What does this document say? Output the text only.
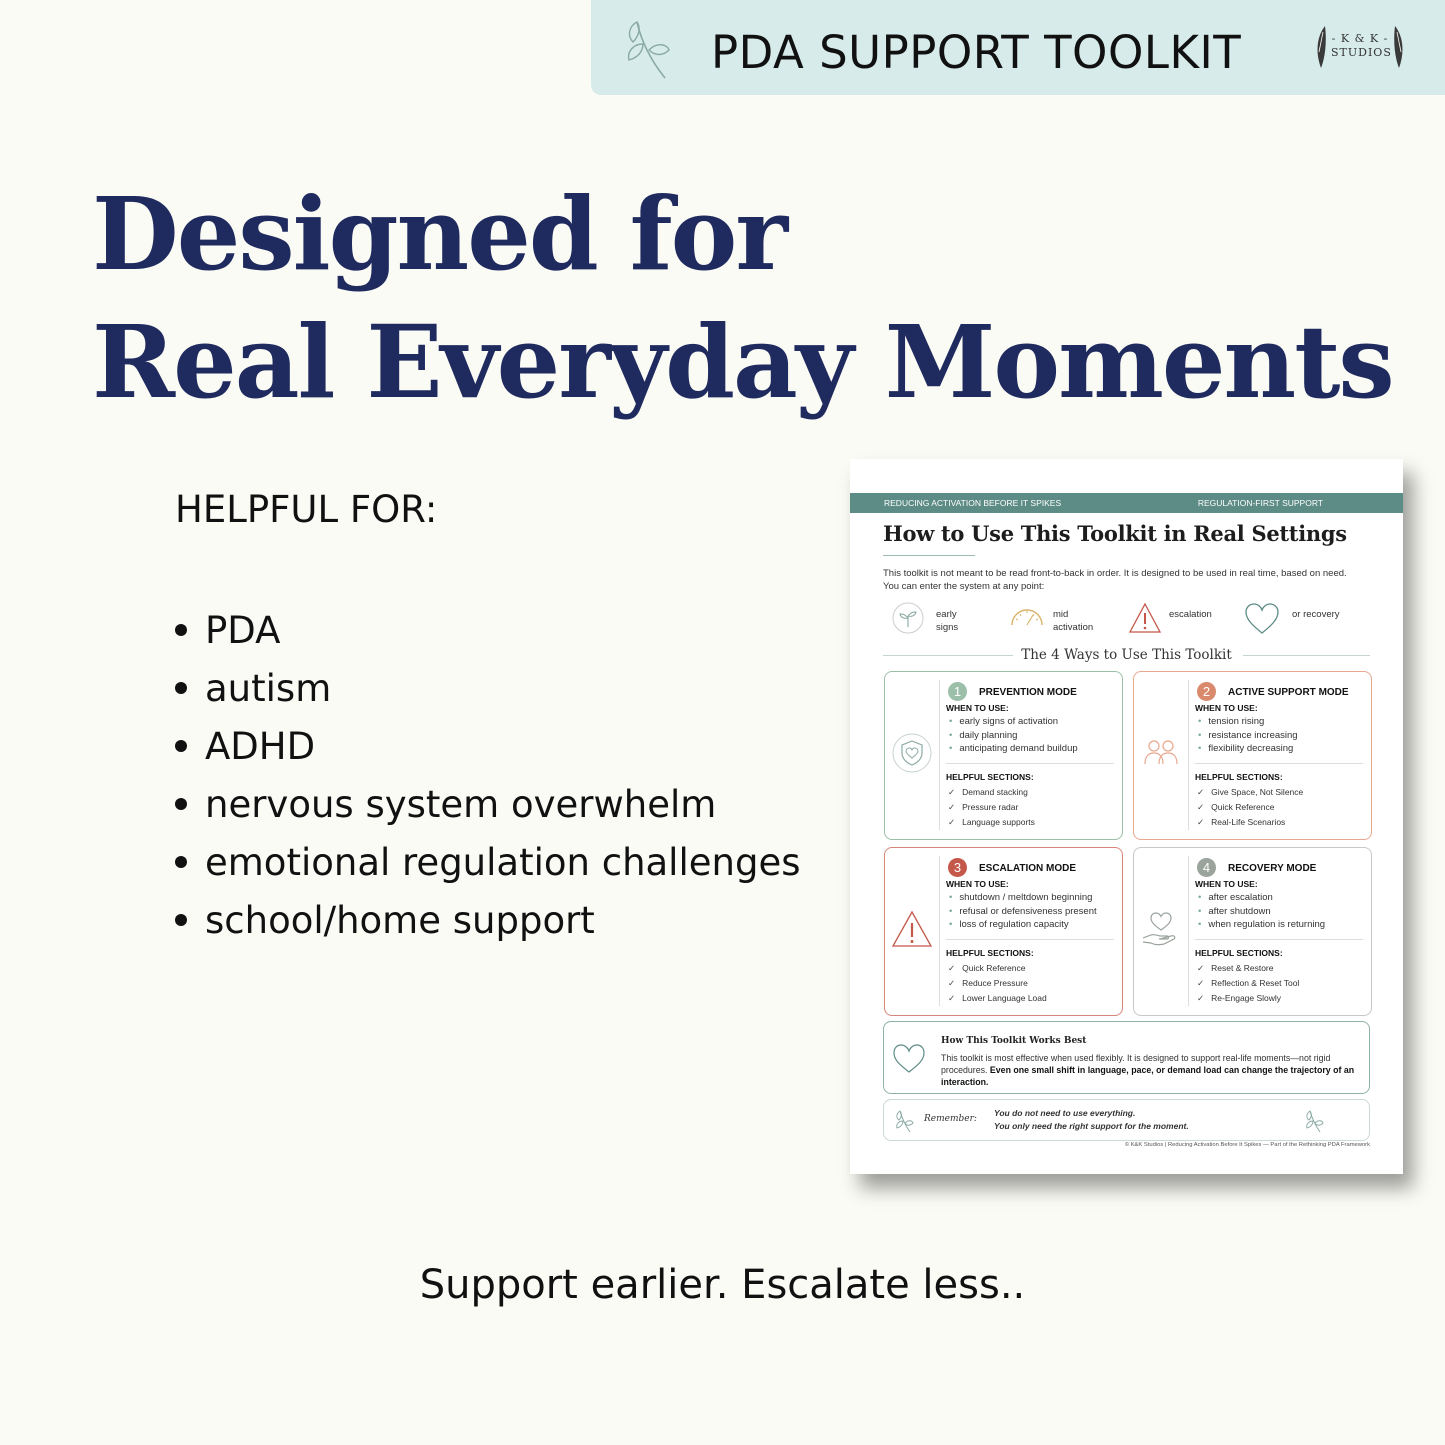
PDA SUPPORT TOOLKIT	- K & K -
STUDIOS
Designed for
Real Everyday Moments
HELPFUL FOR:
PDA
autism
ADHD
nervous system overwhelm
emotional regulation challenges
school/home support
REDUCING ACTIVATION BEFORE IT SPIKES	REGULATION-FIRST SUPPORT
How to Use This Toolkit in Real Settings
This toolkit is not meant to be read front-to-back in order. It is designed to be used in real time, based on need. You can enter the system at any point:
early
signs
mid
activation
escalation	or recovery
The 4 Ways to Use This Toolkit
1	PREVENTION MODE
WHEN TO USE:
• early signs of activation
• daily planning
• anticipating demand buildup
HELPFUL SECTIONS:
✓ Demand stacking
✓ Pressure radar
✓ Language supports
2	ACTIVE SUPPORT MODE
WHEN TO USE:
• tension rising
• resistance increasing
• flexibility decreasing
HELPFUL SECTIONS:
✓ Give Space, Not Silence
✓ Quick Reference
✓ Real-Life Scenarios
3	ESCALATION MODE
WHEN TO USE:
• shutdown / meltdown beginning
• refusal or defensiveness present
• loss of regulation capacity
HELPFUL SECTIONS:
✓ Quick Reference
✓ Reduce Pressure
✓ Lower Language Load
4	RECOVERY MODE
WHEN TO USE:
• after escalation
• after shutdown
• when regulation is returning
HELPFUL SECTIONS:
✓ Reset & Restore
✓ Reflection & Reset Tool
✓ Re-Engage Slowly
How This Toolkit Works Best
This toolkit is most effective when used flexibly. It is designed to support real-life moments—not rigid procedures. Even one small shift in language, pace, or demand load can change the trajectory of an interaction.
Remember:
You do not need to use everything.
You only need the right support for the moment.
© K&K Studios | Reducing Activation Before It Spikes — Part of the Rethinking PDA Framework
Support earlier. Escalate less..
